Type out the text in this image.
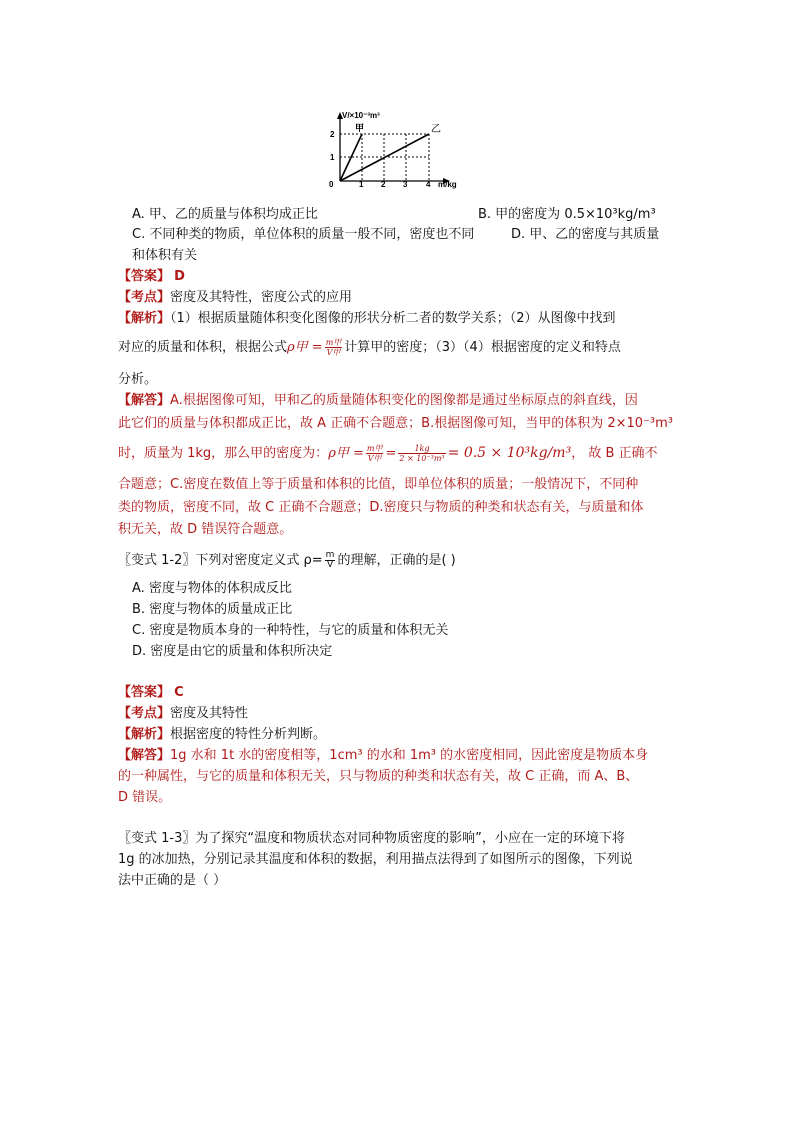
V/×10⁻³m³
m/kg
0
2
1
1 2 3 4
甲	乙
A. 甲、乙的质量与体积均成正比	B. 甲的密度为 0.5×10³kg/m³
C. 不同种类的物质，单位体积的质量一般不同，密度也不同	D. 甲、乙的密度与其质量
和体积有关
【答案】 D
【考点】密度及其特性，密度公式的应用
【解析】（1）根据质量随体积变化图像的形状分析二者的数学关系；（2）从图像中找到
对应的质量和体积，根据公式ρ甲 = $\frac{\text{m甲}}{\text{V甲}}$ 计算甲的密度；（3）（4）根据密度的定义和特点
分析。
【解答】A.根据图像可知，甲和乙的质量随体积变化的图像都是通过坐标原点的斜直线，因
此它们的质量与体积都成正比，故 A 正确不合题意；B.根据图像可知，当甲的体积为 2×10⁻³m³
时，质量为 1kg，那么甲的密度为：ρ甲 = $\frac{\text{m甲}}{\text{V甲}} = \frac{1kg}{\text{2 × 10⁻³m³}} = 0.5 \times 10^3kg/m^3$， 故 B 正确不
合题意；C.密度在数值上等于质量和体积的比值，即单位体积的质量；一般情况下，不同种
类的物质，密度不同，故 C 正确不合题意；D.密度只与物质的种类和状态有关，与质量和体
积无关，故 D 错误符合题意。
〖变式 1-2〗下列对密度定义式 $\rho= \frac{m}{V}$ 的理解，正确的是( )
A. 密度与物体的体积成反比
B. 密度与物体的质量成正比
C. 密度是物质本身的一种特性，与它的质量和体积无关
D. 密度是由它的质量和体积所决定
【答案】 C
【考点】密度及其特性
【解析】根据密度的特性分析判断。
【解答】1g 水和 1t 水的密度相等，1cm³ 的水和 1m³ 的水密度相同，因此密度是物质本身
的一种属性，与它的质量和体积无关，只与物质的种类和状态有关，故 C 正确，而 A、B、
D 错误。
〖变式 1-3〗为了探究“温度和物质状态对同种物质密度的影响”，小应在一定的环境下将
1g 的冰加热，分别记录其温度和体积的数据，利用描点法得到了如图所示的图像，下列说
法中正确的是（ ）
